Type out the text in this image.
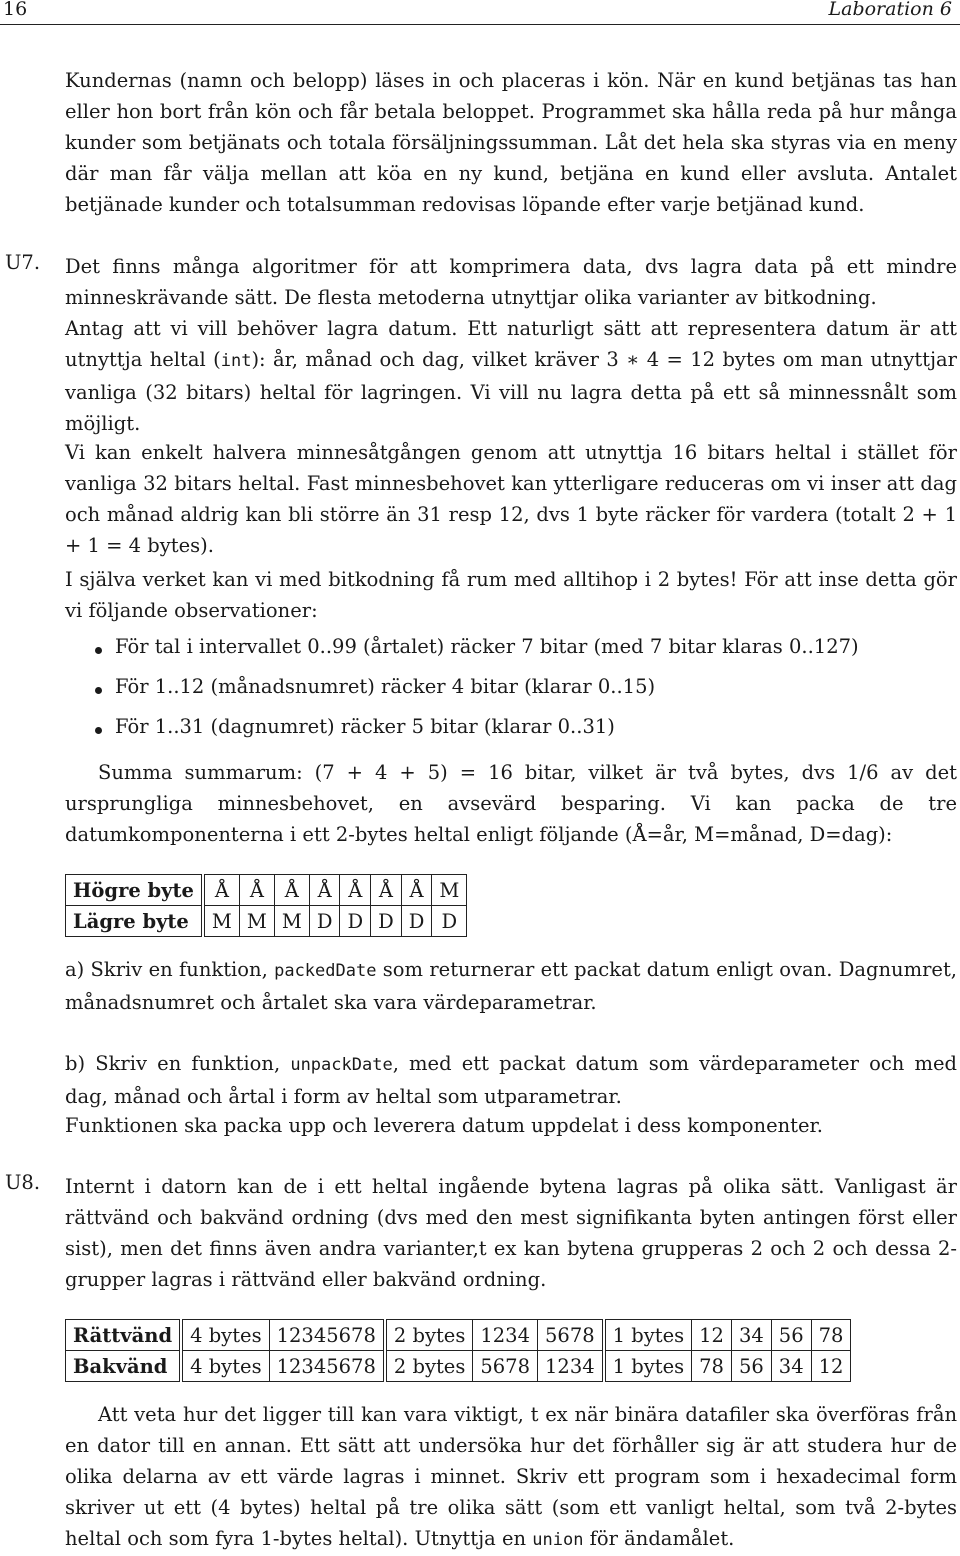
16	Laboration 6
Kundernas (namn och belopp) läses in och placeras i kön. När en kund betjänas tas han eller hon bort från kön och får betala beloppet. Programmet ska hålla reda på hur många kunder som betjänats och totala försäljningssumman. Låt det hela ska styras via en meny där man får välja mellan att köa en ny kund, betjäna en kund eller avsluta. Antalet betjänade kunder och totalsumman redovisas löpande efter varje betjänad kund.
U7. Det finns många algoritmer för att komprimera data, dvs lagra data på ett mindre minneskrävande sätt. De flesta metoderna utnyttjar olika varianter av bitkodning.
Antag att vi vill behöver lagra datum. Ett naturligt sätt att representera datum är att utnyttja heltal (int): år, månad och dag, vilket kräver 3 ∗ 4 = 12 bytes om man utnyttjar vanliga (32 bitars) heltal för lagringen. Vi vill nu lagra detta på ett så minnessnålt som möjligt.
Vi kan enkelt halvera minnesåtgången genom att utnyttja 16 bitars heltal i stället för vanliga 32 bitars heltal. Fast minnesbehovet kan ytterligare reduceras om vi inser att dag och månad aldrig kan bli större än 31 resp 12, dvs 1 byte räcker för vardera (totalt 2 + 1 + 1 = 4 bytes).
I själva verket kan vi med bitkodning få rum med alltihop i 2 bytes! För att inse detta gör vi följande observationer:
För tal i intervallet 0..99 (årtalet) räcker 7 bitar (med 7 bitar klaras 0..127)
För 1..12 (månadsnumret) räcker 4 bitar (klarar 0..15)
För 1..31 (dagnumret) räcker 5 bitar (klarar 0..31)
Summa summarum: (7 + 4 + 5) = 16 bitar, vilket är två bytes, dvs 1/6 av det ursprungliga minnesbehovet, en avsevärd besparing. Vi kan packa de tre datumkomponenterna i ett 2-bytes heltal enligt följande (Å=år, M=månad, D=dag):
Högre byte	Å	Å	Å	Å	Å	Å	Å	M
Lägre byte	M	M	M	D	D	D	D	D
a) Skriv en funktion, packedDate som returnerar ett packat datum enligt ovan. Dagnumret, månadsnumret och årtalet ska vara värdeparametrar.
b) Skriv en funktion, unpackDate, med ett packat datum som värdeparameter och med dag, månad och årtal i form av heltal som utparametrar.
Funktionen ska packa upp och leverera datum uppdelat i dess komponenter.
U8. Internt i datorn kan de i ett heltal ingående bytena lagras på olika sätt. Vanligast är rättvänd och bakvänd ordning (dvs med den mest signifikanta byten antingen först eller sist), men det finns även andra varianter,t ex kan bytena grupperas 2 och 2 och dessa 2- grupper lagras i rättvänd eller bakvänd ordning.
Rättvänd	4 bytes	12345678	2 bytes	1234	5678	1 bytes	12	34	56	78
Bakvänd	4 bytes	12345678	2 bytes	5678	1234	1 bytes	78	56	34	12
Att veta hur det ligger till kan vara viktigt, t ex när binära datafiler ska överföras från en dator till en annan. Ett sätt att undersöka hur det förhåller sig är att studera hur de olika delarna av ett värde lagras i minnet. Skriv ett program som i hexadecimal form skriver ut ett (4 bytes) heltal på tre olika sätt (som ett vanligt heltal, som två 2-bytes heltal och som fyra 1-bytes heltal). Utnyttja en union för ändamålet.
